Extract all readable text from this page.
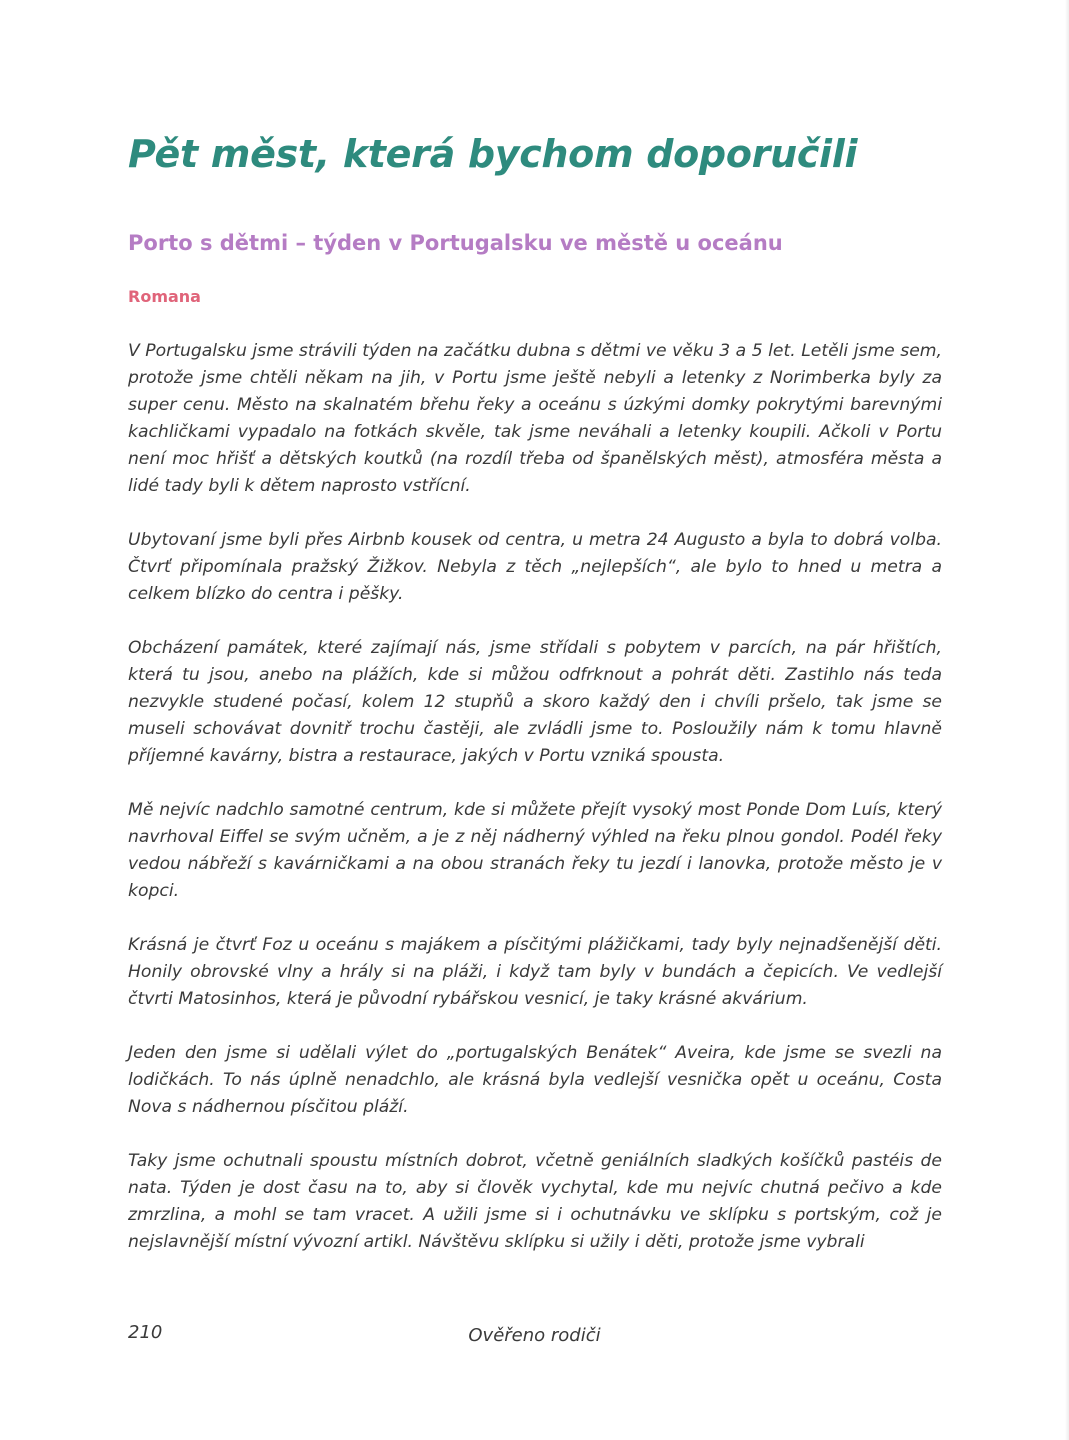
Pět měst, která bychom doporučili
Porto s dětmi – týden v Portugalsku ve městě u oceánu
Romana

V Portugalsku jsme strávili týden na začátku dubna s dětmi ve věku 3 a 5 let. Letěli jsme sem, protože jsme chtěli někam na jih, v Portu jsme ještě nebyli a letenky z Norimberka byly za super cenu. Město na skalnatém břehu řeky a oceánu s úzkými domky pokrytými barevnými kachličkami vypadalo na fotkách skvěle, tak jsme neváhali a letenky koupili. Ačkoli v Portu není moc hřišť a dětských koutků (na rozdíl třeba od španělských měst), atmosféra města a lidé tady byli k dětem naprosto vstřícní.

Ubytovaní jsme byli přes Airbnb kousek od centra, u metra 24 Augusto a byla to dobrá volba. Čtvrť připomínala pražský Žižkov. Nebyla z těch „nejlepších“, ale bylo to hned u metra a celkem blízko do centra i pěšky.

Obcházení památek, které zajímají nás, jsme střídali s pobytem v parcích, na pár hřištích, která tu jsou, anebo na plážích, kde si můžou odfrknout a pohrát děti. Zastihlo nás teda nezvykle studené počasí, kolem 12 stupňů a skoro každý den i chvíli pršelo, tak jsme se museli schovávat dovnitř trochu častěji, ale zvládli jsme to. Posloužily nám k tomu hlavně příjemné kavárny, bistra a restaurace, jakých v Portu vzniká spousta.

Mě nejvíc nadchlo samotné centrum, kde si můžete přejít vysoký most Ponde Dom Luís, který navrhoval Eiffel se svým učněm, a je z něj nádherný výhled na řeku plnou gondol. Podél řeky vedou nábřeží s kavárničkami a na obou stranách řeky tu jezdí i lanovka, protože město je v kopci.

Krásná je čtvrť Foz u oceánu s majákem a písčitými plážičkami, tady byly nejnadšenější děti. Honily obrovské vlny a hrály si na pláži, i když tam byly v bundách a čepicích. Ve vedlejší čtvrti Matosinhos, která je původní rybářskou vesnicí, je taky krásné akvárium.

Jeden den jsme si udělali výlet do „portugalských Benátek“ Aveira, kde jsme se svezli na lodičkách. To nás úplně nenadchlo, ale krásná byla vedlejší vesnička opět u oceánu, Costa Nova s nádhernou písčitou pláží.

Taky jsme ochutnali spoustu místních dobrot, včetně geniálních sladkých košíčků pastéis de nata. Týden je dost času na to, aby si člověk vychytal, kde mu nejvíc chutná pečivo a kde zmrzlina, a mohl se tam vracet. A užili jsme si i ochutnávku ve sklípku s portským, což je nejslavnější místní vývozní artikl. Návštěvu sklípku si užily i děti, protože jsme vybrali

210	Ověřeno rodiči
